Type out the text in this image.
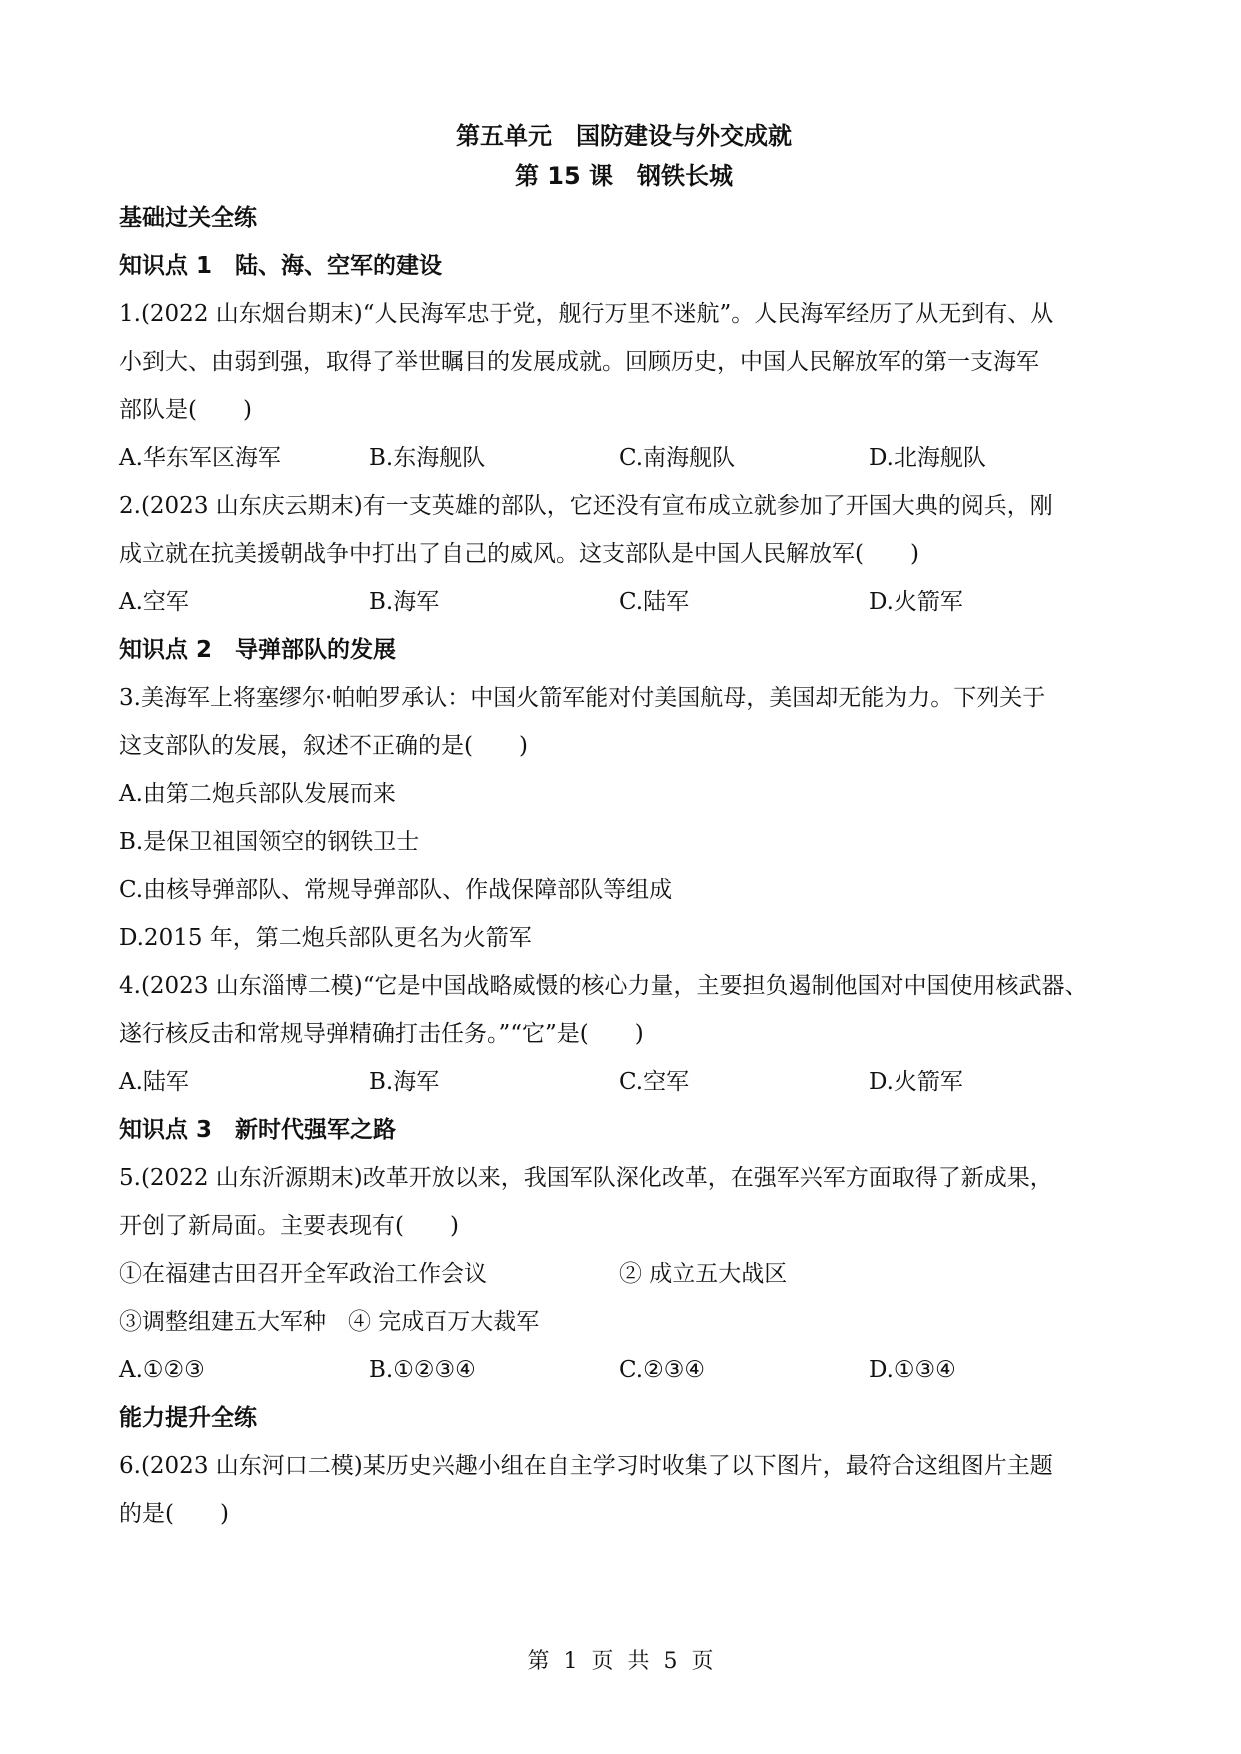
第五单元　国防建设与外交成就
第 15 课　钢铁长城
基础过关全练
知识点 1　陆、海、空军的建设
1.(2022 山东烟台期末)“人民海军忠于党，舰行万里不迷航”。人民海军经历了从无到有、从
小到大、由弱到强，取得了举世瞩目的发展成就。回顾历史，中国人民解放军的第一支海军
部队是(　　)
A.华东军区海军	B.东海舰队	C.南海舰队	D.北海舰队
2.(2023 山东庆云期末)有一支英雄的部队，它还没有宣布成立就参加了开国大典的阅兵，刚
成立就在抗美援朝战争中打出了自己的威风。这支部队是中国人民解放军(　　)
A.空军	B.海军	C.陆军	D.火箭军
知识点 2　导弹部队的发展
3.美海军上将塞缪尔·帕帕罗承认：中国火箭军能对付美国航母，美国却无能为力。下列关于
这支部队的发展，叙述不正确的是(　　)
A.由第二炮兵部队发展而来
B.是保卫祖国领空的钢铁卫士
C.由核导弹部队、常规导弹部队、作战保障部队等组成
D.2015 年，第二炮兵部队更名为火箭军
4.(2023 山东淄博二模)“它是中国战略威慑的核心力量，主要担负遏制他国对中国使用核武器、
遂行核反击和常规导弹精确打击任务。”“它”是(　　)
A.陆军	B.海军	C.空军	D.火箭军
知识点 3　新时代强军之路
5.(2022 山东沂源期末)改革开放以来，我国军队深化改革，在强军兴军方面取得了新成果，
开创了新局面。主要表现有(　　)
①在福建古田召开全军政治工作会议	② 成立五大战区
③调整组建五大军种 ④ 完成百万大裁军
A.①②③	B.①②③④	C.②③④	D.①③④
能力提升全练
6.(2023 山东河口二模)某历史兴趣小组在自主学习时收集了以下图片，最符合这组图片主题
的是(　　)
第  1  页  共  5  页
